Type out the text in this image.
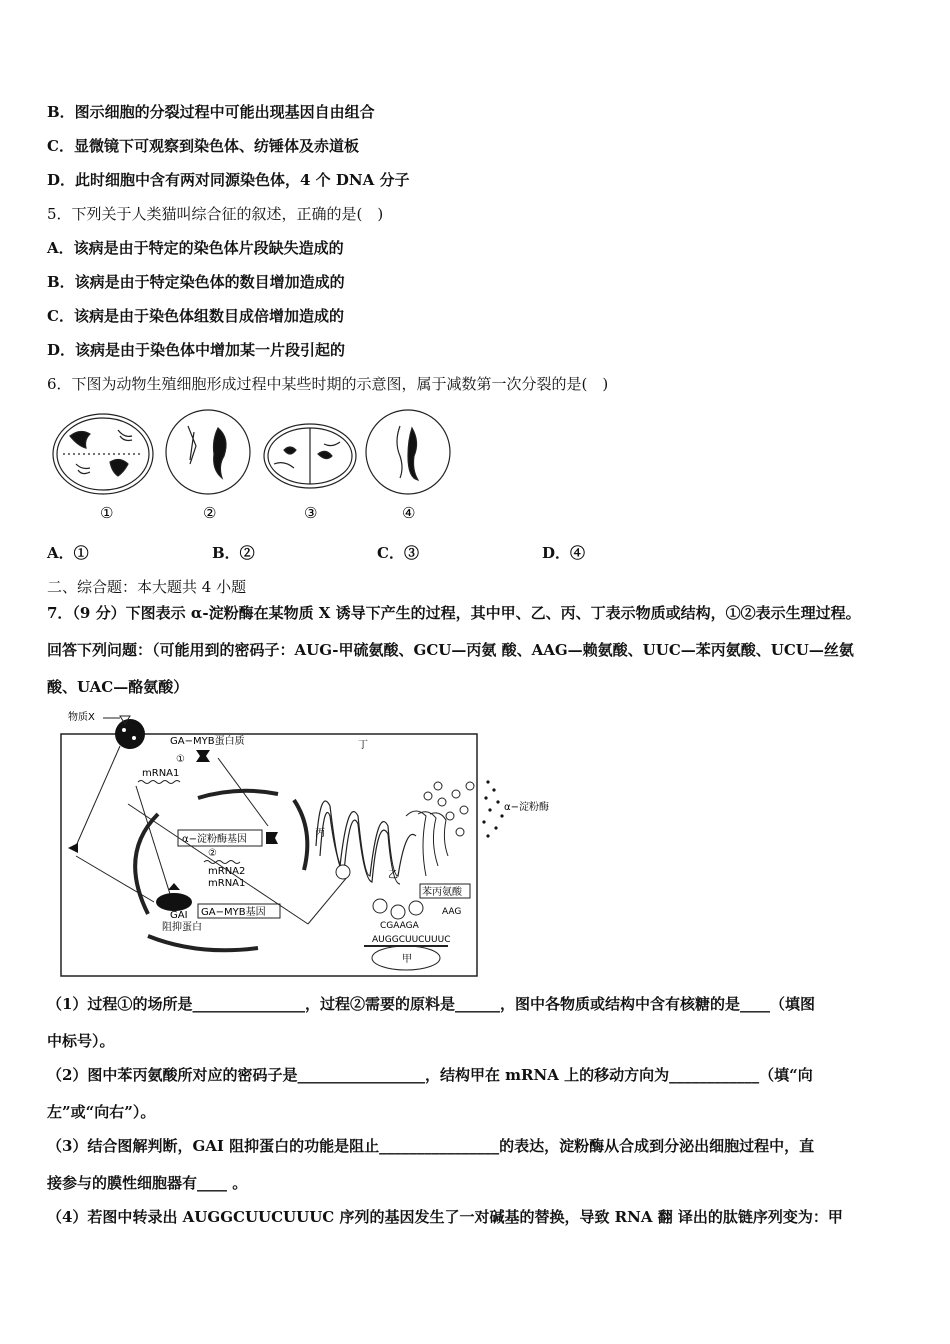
B．图示细胞的分裂过程中可能出现基因自由组合
C．显微镜下可观察到染色体、纺锤体及赤道板
D．此时细胞中含有两对同源染色体，4 个 DNA 分子
5．下列关于人类猫叫综合征的叙述，正确的是(　)
A．该病是由于特定的染色体片段缺失造成的
B．该病是由于特定染色体的数目增加造成的
C．该病是由于染色体组数目成倍增加造成的
D．该病是由于染色体中增加某一片段引起的
6．下图为动物生殖细胞形成过程中某些时期的示意图，属于减数第一次分裂的是(　)
①	②	③	④
A．①	B．②	C．③	D．④
二、综合题：本大题共 4 小题
7．（9 分）下图表示 α-淀粉酶在某物质 X 诱导下产生的过程，其中甲、乙、丙、丁表示物质或结构，①②表示生理过程。
回答下列问题：（可能用到的密码子：AUG-甲硫氨酸、GCU—丙氨 酸、AAG—赖氨酸、UUC—苯丙氨酸、UCU—丝氨
酸、UAC—酪氨酸）
物质X
GA−MYB蛋白质
①
mRNA1
α−淀粉酶基因
②
mRNA2
mRNA1
GAI
阻抑蛋白
GA−MYB基因
丙
乙
丁
α−淀粉酶
苯丙氨酸
AAG
CGAAGA
AUGGCUUCUUUC
甲
（1）过程①的场所是_______________，过程②需要的原料是______，图中各物质或结构中含有核糖的是____（填图
中标号）。
（2）图中苯丙氨酸所对应的密码子是_________________，结构甲在 mRNA 上的移动方向为____________（填“向
左”或“向右”）。
（3）结合图解判断，GAI 阻抑蛋白的功能是阻止________________的表达，淀粉酶从合成到分泌出细胞过程中，直
接参与的膜性细胞器有____ 。
（4）若图中转录出 AUGGCUUCUUUC 序列的基因发生了一对碱基的替换，导致 RNA 翻 译出的肽链序列变为：甲
